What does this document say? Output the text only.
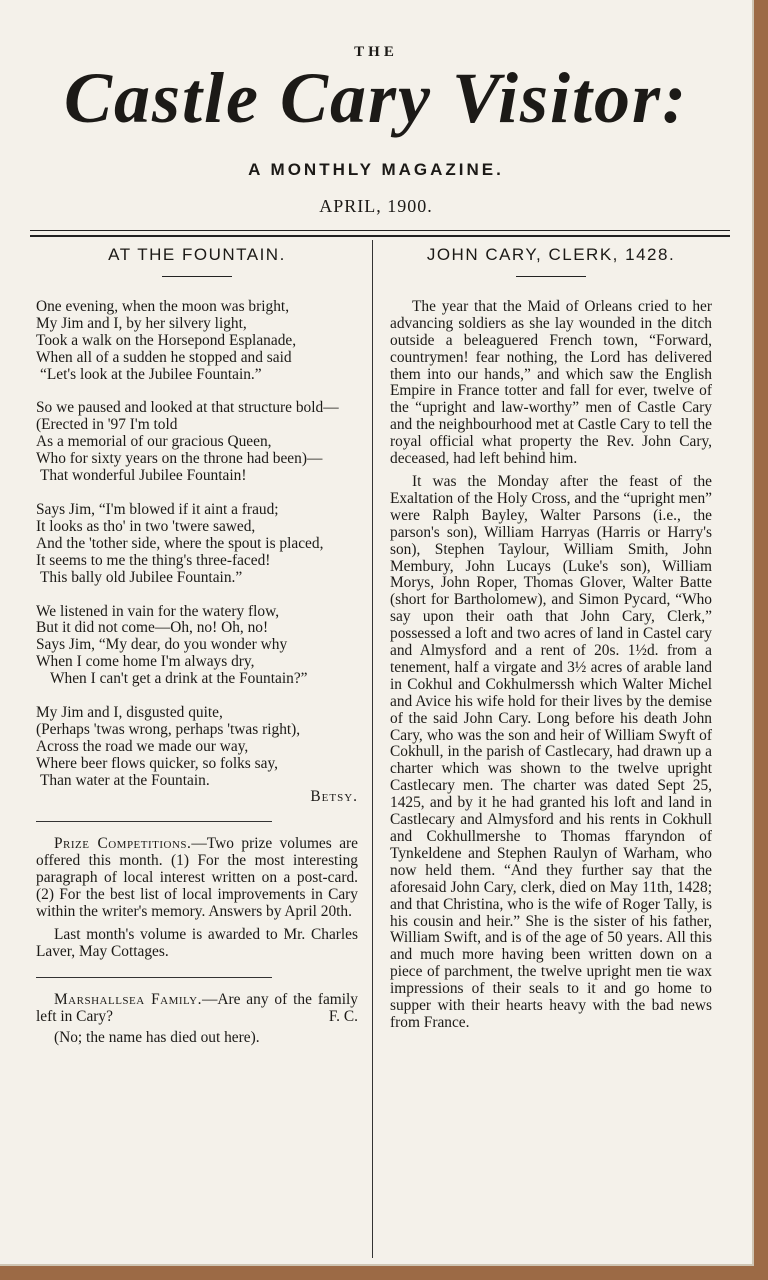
THE
Castle Cary Visitor:
A MONTHLY MAGAZINE.
APRIL, 1900.
AT THE FOUNTAIN.
One evening, when the moon was bright,
My Jim and I, by her silvery light,
Took a walk on the Horsepond Esplanade,
When all of a sudden he stopped and said
“Let's look at the Jubilee Fountain.”
So we paused and looked at that structure bold—
(Erected in '97 I'm told
As a memorial of our gracious Queen,
Who for sixty years on the throne had been)—
That wonderful Jubilee Fountain!
Says Jim, “I'm blowed if it aint a fraud;
It looks as tho' in two 'twere sawed,
And the 'tother side, where the spout is placed,
It seems to me the thing's three-faced!
This bally old Jubilee Fountain.”
We listened in vain for the watery flow,
But it did not come—Oh, no! Oh, no!
Says Jim, “My dear, do you wonder why
When I come home I'm always dry,
When I can't get a drink at the Fountain?”
My Jim and I, disgusted quite,
(Perhaps 'twas wrong, perhaps 'twas right),
Across the road we made our way,
Where beer flows quicker, so folks say,
Than water at the Fountain.
Betsy.

Prize Competitions.—Two prize volumes are offered this month. (1) For the most interesting paragraph of local interest written on a post-card. (2) For the best list of local improvements in Cary within the writer's memory. Answers by April 20th.

Last month's volume is awarded to Mr. Charles Laver, May Cottages.

Marshallsea Family.—Are any of the family left in Cary?	F. C.

(No; the name has died out here).

JOHN CARY, CLERK, 1428.

The year that the Maid of Orleans cried to her advancing soldiers as she lay wounded in the ditch outside a beleaguered French town, “Forward, countrymen! fear nothing, the Lord has delivered them into our hands,” and which saw the English Empire in France totter and fall for ever, twelve of the “upright and law-worthy” men of Castle Cary and the neighbourhood met at Castle Cary to tell the royal official what property the Rev. John Cary, deceased, had left behind him.

It was the Monday after the feast of the Exaltation of the Holy Cross, and the “upright men” were Ralph Bayley, Walter Parsons (i.e., the parson's son), William Harryas (Harris or Harry's son), Stephen Taylour, William Smith, John Membury, John Lucays (Luke's son), William Morys, John Roper, Thomas Glover, Walter Batte (short for Bartholomew), and Simon Pycard, “Who say upon their oath that John Cary, Clerk,” possessed a loft and two acres of land in Castel cary and Almysford and a rent of 20s. 1½d. from a tenement, half a virgate and 3½ acres of arable land in Cokhul and Cokhulmerssh which Walter Michel and Avice his wife hold for their lives by the demise of the said John Cary. Long before his death John Cary, who was the son and heir of William Swyft of Cokhull, in the parish of Castlecary, had drawn up a charter which was shown to the twelve upright Castlecary men. The charter was dated Sept 25, 1425, and by it he had granted his loft and land in Castlecary and Almysford and his rents in Cokhull and Cokhullmershe to Thomas ffaryndon of Tynkeldene and Stephen Raulyn of Warham, who now held them. “And they further say that the aforesaid John Cary, clerk, died on May 11th, 1428; and that Christina, who is the wife of Roger Tally, is his cousin and heir.” She is the sister of his father, William Swift, and is of the age of 50 years. All this and much more having been written down on a piece of parchment, the twelve upright men tie wax impressions of their seals to it and go home to supper with their hearts heavy with the bad news from France.
